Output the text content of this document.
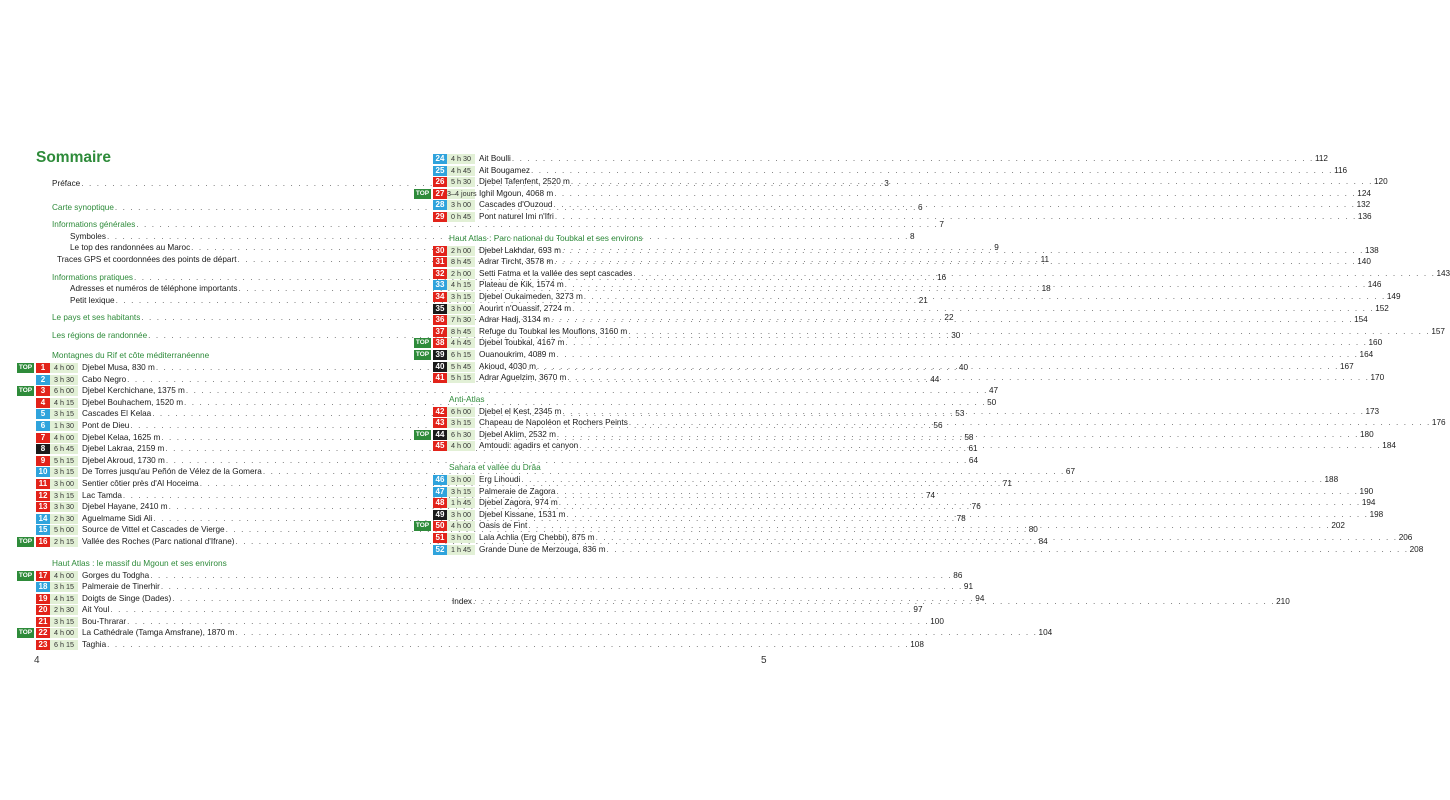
Sommaire
Préface . . .	3
Carte synoptique . . .	6
Informations générales . . .	7
Symboles . . .	8
Le top des randonnées au Maroc . . .	9
Traces GPS et coordonnées des points de départ . . .	11
Informations pratiques . . .	16
Adresses et numéros de téléphone importants . . .	18
Petit lexique . . .	21
Le pays et ses habitants . . .	22
Les régions de randonnée . . .	30
Montagnes du Rif et côte méditerranéenne
TOP	1	4 h 00 Djebel Musa, 830 m . . .	40
2	3 h 30 Cabo Negro . . .	44
TOP	3	6 h 00 Djebel Kerchichane, 1375 m . . .	47
4	4 h 15 Djebel Bouhachem, 1520 m . . .	50
5	3 h 15 Cascades El Kelaa . . .	53
6	1 h 30 Pont de Dieu . . .	56
7	4 h 00 Djebel Kelaa, 1625 m . . .	58
8	6 h 45 Djebel Lakraa, 2159 m . . .	61
9	5 h 15 Djebel Akroud, 1730 m . . .	64
10 3 h 15 De Torres jusqu'au Peñón de Vélez de la Gomera . . .	67
11 3 h 00 Sentier côtier près d'Al Hoceima . . .	71
12 3 h 15 Lac Tamda . . .	74
13 3 h 30 Djebel Hayane, 2410 m . . .	76
14 2 h 30 Aguelmame Sidi Ali . . .	78
15 5 h 00 Source de Vittel et Cascades de Vierge . . .	80
TOP 16 2 h 15 Vallée des Roches (Parc national d'Ifrane) . . .	84
Haut Atlas : le massif du Mgoun et ses environs
TOP 17 4 h 00 Gorges du Todgha . . .	86
18 3 h 15 Palmeraie de Tinerhir . . .	91
19 4 h 15 Doigts de Singe (Dades) . . .	94
20 2 h 30 Ait Youl . . .	97
21 3 h 15 Bou-Thrarar . . .	100
TOP 22 4 h 00 La Cathédrale (Tamga Amsfrane), 1870 m . . .	104
23 6 h 15 Taghia . . .	108
4
24 4 h 30 Ait Boulli . . .	112
25 4 h 45 Ait Bougamez . . .	116
26 5 h 30 Djebel Tafenfent, 2520 m . . .	120
TOP 27 3–4 jours Ighil Mgoun, 4068 m . . .	124
28 3 h 00 Cascades d'Ouzoud . . .	132
29 0 h 45 Pont naturel Imi n'Ifri . . .	136
Haut Atlas : Parc national du Toubkal et ses environs
30 2 h 00 Djebel Lakhdar, 693 m . . .	138
31 8 h 45 Adrar Tircht, 3578 m . . .	140
32 2 h 00 Setti Fatma et la vallée des sept cascades . . .	143
33 4 h 15 Plateau de Kik, 1574 m . . .	146
34 3 h 15 Djebel Oukaimeden, 3273 m . . .	149
35 3 h 00 Aourirt n'Ouassif, 2724 m . . .	152
36 7 h 30 Adrar Hadj, 3134 m . . .	154
37 8 h 45 Refuge du Toubkal les Mouflons, 3160 m . . .	157
TOP 38 4 h 45 Djebel Toubkal, 4167 m . . .	160
TOP 39 6 h 15 Ouanoukrim, 4089 m . . .	164
40 5 h 45 Akioud, 4030 m . . .	167
41 5 h 15 Adrar Aguelzim, 3670 m . . .	170
Anti-Atlas
42 6 h 00 Djebel el Kest, 2345 m . . .	173
43 3 h 15 Chapeau de Napoléon et Rochers Peints . . .	176
TOP 44 6 h 30 Djebel Aklim, 2532 m . . .	180
45 4 h 00 Amtoudi: agadirs et canyon . . .	184
Sahara et vallée du Drâa
46 3 h 00 Erg Lihoudi . . .	188
47 3 h 15 Palmeraie de Zagora . . .	190
48 1 h 45 Djebel Zagora, 974 m . . .	194
49 3 h 00 Djebel Kissane, 1531 m . . .	198
TOP 50 4 h 00 Oasis de Fint . . .	202
51 3 h 00 Lala Achlia (Erg Chebbi), 875 m . . .	206
52 1 h 45 Grande Dune de Merzouga, 836 m . . .	208
Index . . .	210
5
